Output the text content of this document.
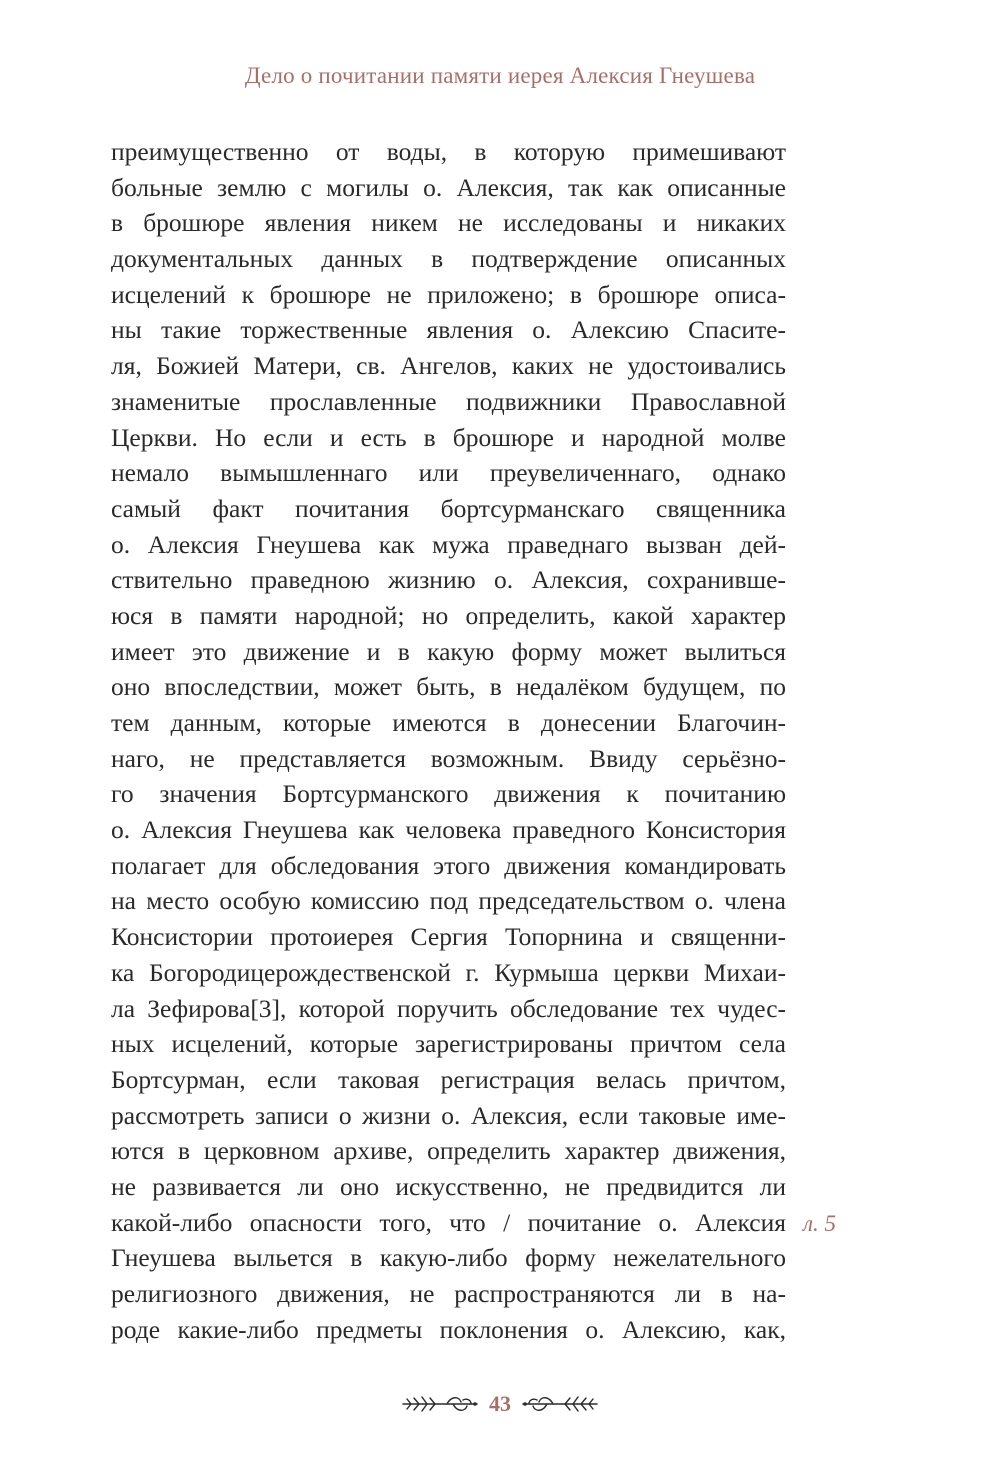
Дело о почитании памяти иерея Алексия Гнеушева
преимущественно от воды, в которую примешивают
больные землю с могилы о. Алексия, так как описанные
в брошюре явления никем не исследованы и никаких
документальных данных в подтверждение описанных
исцелений к брошюре не приложено; в брошюре описа-
ны такие торжественные явления о. Алексию Спасите-
ля, Божией Матери, св. Ангелов, каких не удостоивались
знаменитые прославленные подвижники Православной
Церкви. Но если и есть в брошюре и народной молве
немало вымышленнаго или преувеличеннаго, однако
самый факт почитания бортсурманскаго священника
о. Алексия Гнеушева как мужа праведнаго вызван дей-
ствительно праведною жизнию о. Алексия, сохранивше-
юся в памяти народной; но определить, какой характер
имеет это движение и в какую форму может вылиться
оно впоследствии, может быть, в недалёком будущем, по
тем данным, которые имеются в донесении Благочин-
наго, не представляется возможным. Ввиду серьёзно-
го значения Бортсурманского движения к почитанию
о. Алексия Гнеушева как человека праведного Консистория
полагает для обследования этого движения командировать
на место особую комиссию под председательством о. члена
Консистории протоиерея Сергия Топорнина и священни-
ка Богородицерождественской г. Курмыша церкви Михаи-
ла Зефирова[3], которой поручить обследование тех чудес-
ных исцелений, которые зарегистрированы причтом села
Бортсурман, если таковая регистрация велась причтом,
рассмотреть записи о жизни о. Алексия, если таковые име-
ются в церковном архиве, определить характер движения,
не развивается ли оно искусственно, не предвидится ли
какой-либо опасности того, что / почитание о. Алексия
Гнеушева выльется в какую-либо форму нежелательного
религиозного движения, не распространяются ли в на-
роде какие-либо предметы поклонения о. Алексию, как,
л. 5
43
